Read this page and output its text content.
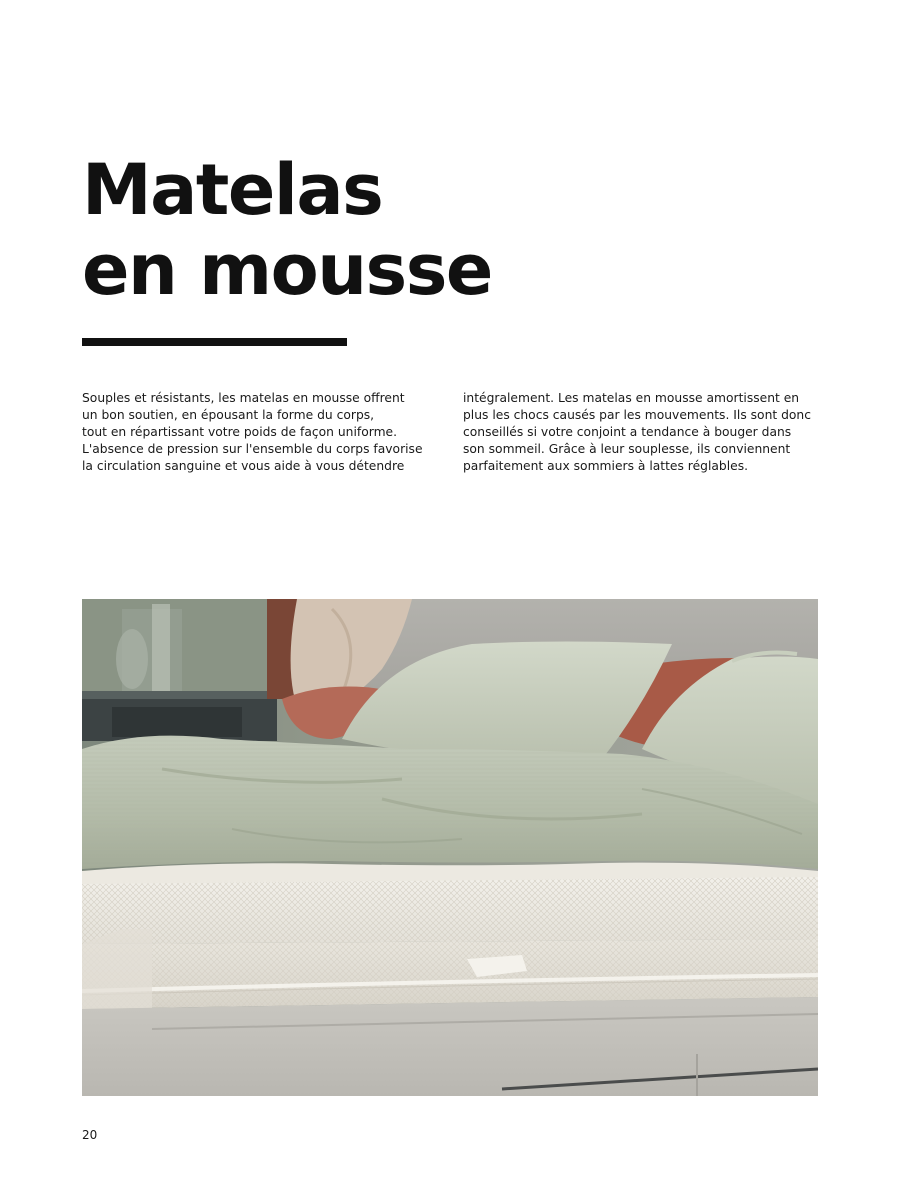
Matelas
en mousse
Souples et résistants, les matelas en mousse offrent
un bon soutien, en épousant la forme du corps,
tout en répartissant votre poids de façon uniforme.
L'absence de pression sur l'ensemble du corps favorise
la circulation sanguine et vous aide à vous détendre
intégralement. Les matelas en mousse amortissent en
plus les chocs causés par les mouvements. Ils sont donc
conseillés si votre conjoint a tendance à bouger dans
son sommeil. Grâce à leur souplesse, ils conviennent
parfaitement aux sommiers à lattes réglables.
20
